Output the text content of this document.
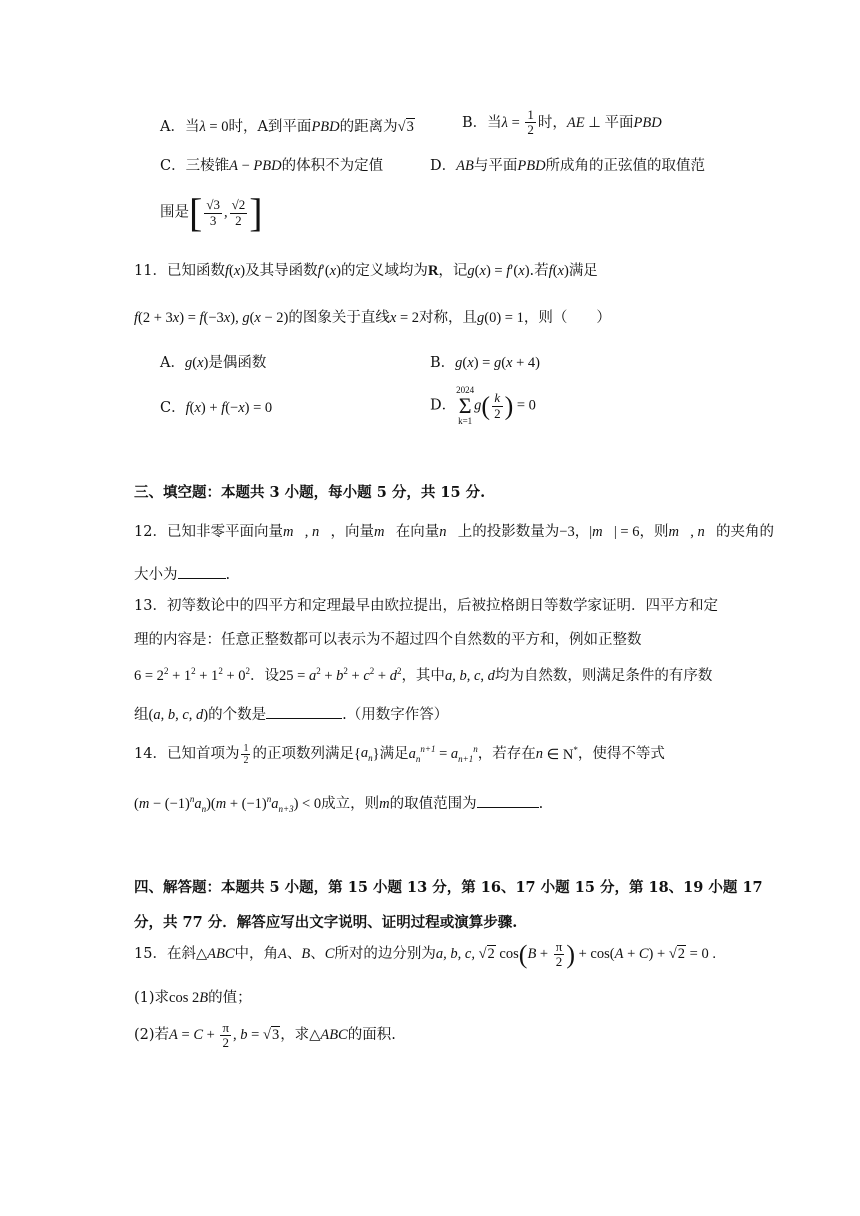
A．当λ = 0时，A到平面PBD的距离为√3	B．当$\lambda = \frac{1}{2}$ 时，AE ⊥ 平面PBD
C．三棱锥A − PBD的体积不为定值	D．AB与平面PBD所成角的正弦值的取值范
围是[ $\frac{√3}{3}$ , $\frac{√2}{2}$ ]
11．已知函数f(x)及其导函数f′(x)的定义域均为R，记g(x) = f′(x).若f(x)满足
f(2 + 3x) = f(−3x), g(x − 2)的图象关于直线x = 2对称，且g(0) = 1，则（　　）
A．g(x)是偶函数	B．g(x) = g(x + 4)
C．f(x) + f(−x) = 0	D．
2024
Σ
k=1
$g( \frac{k}{2}$ ) = 0
三、填空题：本题共 3 小题，每小题 5 分，共 15 分.
12．已知非零平面向量m⃗, n⃗，向量m⃗在向量n⃗上的投影数量为−3，|m⃗| = 6，则m⃗, n⃗的夹角的
大小为	.
13．初等数论中的四平方和定理最早由欧拉提出，后被拉格朗日等数学家证明．四平方和定
理的内容是：任意正整数都可以表示为不超过四个自然数的平方和，例如正整数
$6 = 2^2 + 1^2 + 1^2 + 0^2$．设$25 = a^2 + b^2 + c^2 + d^2$，其中a, b, c, d均为自然数，则满足条件的有序数
组(a, b, c, d)的个数是	.（用数字作答）
14．已知首项为 $\frac{1}{2}$ 的正项数列满足$\{a_n\}$满足$a_n^{n+1} = a_{n+1}^n$，若存在n ∈ N*，使得不等式
$(m - (-1)^na_n)(m + (-1)^na_{n+3}) < 0$成立，则m的取值范围为	.
四、解答题：本题共 5 小题，第 15 小题 13 分，第 16、17 小题 15 分，第 18、19 小题 17
分，共 77 分．解答应写出文字说明、证明过程或演算步骤.
15．在斜△ABC中，角A、B、C所对的边分别为a, b, c, √2 $\cos(B + \frac{\pi}{2}$ ) + cos(A + C) + √2 = 0 .
(1)求cos 2B的值；
(2)若$A = C + \frac{\pi}{2}$ , b = √3，求△ABC的面积.
